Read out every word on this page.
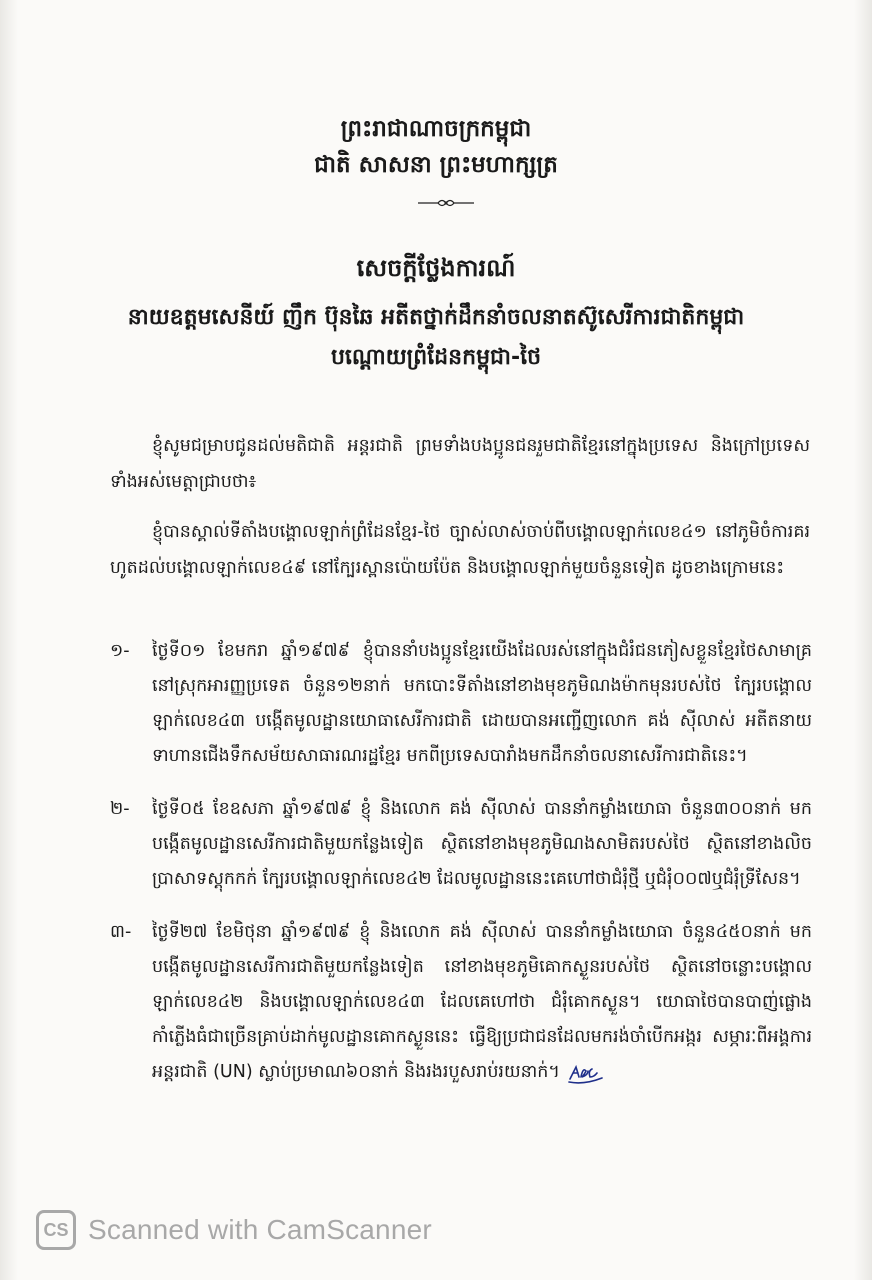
ព្រះរាជាណាចក្រកម្ពុជា
ជាតិ សាសនា ព្រះមហាក្សត្រ
សេចក្តីថ្លែងការណ៍
នាយឧត្តមសេនីយ៍ ញឹក ប៊ុនឆៃ អតីតថ្នាក់ដឹកនាំចលនាតស៊ូសេរីការជាតិកម្ពុជា
បណ្តោយព្រំដែនកម្ពុជា-ថៃ

ខ្ញុំសូមជម្រាបជូនដល់មតិជាតិ អន្តរជាតិ ព្រមទាំងបងប្អូនជនរួមជាតិខ្មែរនៅក្នុងប្រទេស និងក្រៅប្រទេសទាំងអស់មេត្តាជ្រាបថា៖

ខ្ញុំបានស្គាល់ទីតាំងបង្គោលឡាក់ព្រំដែនខ្មែរ-ថៃ ច្បាស់លាស់ចាប់ពីបង្គោលឡាក់លេខ៤១ នៅភូមិចំការគរ ហូតដល់បង្គោលឡាក់លេខ៤៩ នៅក្បែរស្ពានប៉ោយប៉ែត និងបង្គោលឡាក់មួយចំនួនទៀត ដូចខាងក្រោមនេះ

១- ថ្ងៃទី០១ ខែមករា ឆ្នាំ១៩៧៩ ខ្ញុំបាននាំបងប្អូនខ្មែរយើងដែលរស់នៅក្នុងជំរំជនភៀសខ្លួនខ្មែរថៃសាមាគ្រ នៅស្រុកអារញ្ញប្រទេត ចំនួន១២នាក់ មកបោះទីតាំងនៅខាងមុខភូមិណងម៉ាកមុនរបស់ថៃ ក្បែរបង្គោលឡាក់លេខ៤៣ បង្កើតមូលដ្ឋានយោធាសេរីការជាតិ ដោយបានអញ្ជើញលោក គង់ ស៊ីលាស់ អតីតនាយទាហានជើងទឹកសម័យសាធារណរដ្ឋខ្មែរ មកពីប្រទេសបារាំងមកដឹកនាំចលនាសេរីការជាតិនេះ។
២- ថ្ងៃទី០៥ ខែឧសភា ឆ្នាំ១៩៧៩ ខ្ញុំ និងលោក គង់ ស៊ីលាស់ បាននាំកម្លាំងយោធា ចំនួន៣០០នាក់ មកបង្កើតមូលដ្ឋានសេរីការជាតិមួយកន្លែងទៀត ស្ថិតនៅខាងមុខភូមិណងសាមិតរបស់ថៃ ស្ថិតនៅខាងលិចប្រាសាទស្តុកកក់ ក្បែរបង្គោលឡាក់លេខ៤២ ដែលមូលដ្ឋាននេះគេហៅថាជំរុំថ្មី ឬជំរុំ០០៧ឬជំរុំទ្រីសែន។
៣- ថ្ងៃទី២៧ ខែមិថុនា ឆ្នាំ១៩៧៩ ខ្ញុំ និងលោក គង់ ស៊ីលាស់ បាននាំកម្លាំងយោធា ចំនួន៤៥០នាក់ មកបង្កើតមូលដ្ឋានសេរីការជាតិមួយកន្លែងទៀត នៅខាងមុខភូមិគោកស្ងួនរបស់ថៃ ស្ថិតនៅចន្លោះបង្គោលឡាក់លេខ៤២ និងបង្គោលឡាក់លេខ៤៣ ដែលគេហៅថា ជំរុំគោកស្ងួន។ យោធាថៃបានបាញ់ផ្លោងកាំភ្លើងធំជាច្រើនគ្រាប់ដាក់មូលដ្ឋានគោកស្ងួននេះ ធ្វើឱ្យប្រជាជនដែលមករង់ចាំបើកអង្ករ សម្ភារៈពីអង្គការអន្តរជាតិ (UN) ស្លាប់ប្រមាណ៦០នាក់ និងរងរបួសរាប់រយនាក់។
CS Scanned with CamScanner
